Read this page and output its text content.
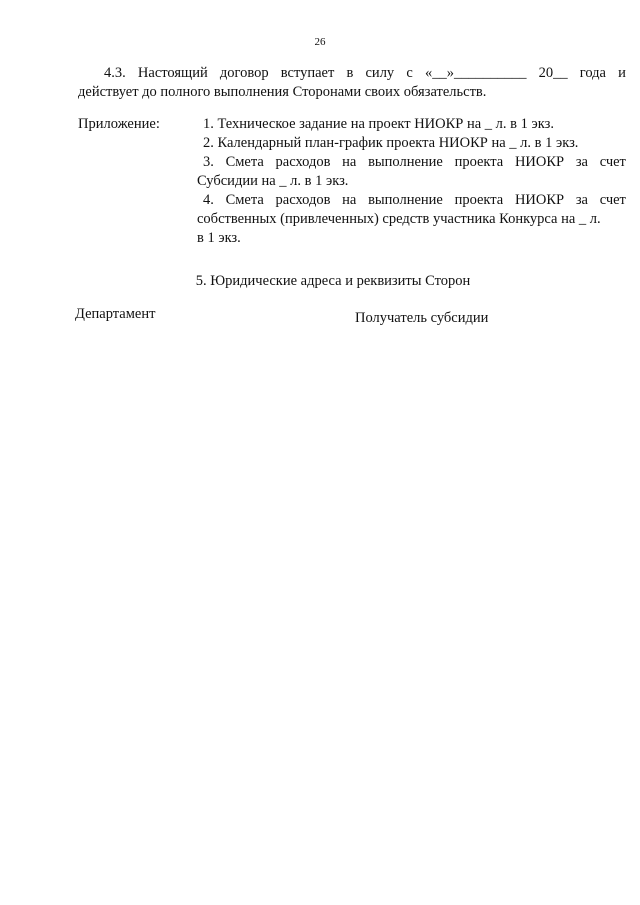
26
4.3. Настоящий договор вступает в силу с «__»__________ 20__ года и
действует до полного выполнения Сторонами своих обязательств.
Приложение:	1. Техническое задание на проект НИОКР на _ л. в 1 экз.
2. Календарный план-график проекта НИОКР на _ л. в 1 экз.
3. Смета расходов на выполнение проекта НИОКР за счет
Субсидии на _ л. в 1 экз.
4. Смета расходов на выполнение проекта НИОКР за счет
собственных (привлеченных) средств участника Конкурса на _ л.
в 1 экз.
5. Юридические адреса и реквизиты Сторон
Департамент	Получатель субсидии
